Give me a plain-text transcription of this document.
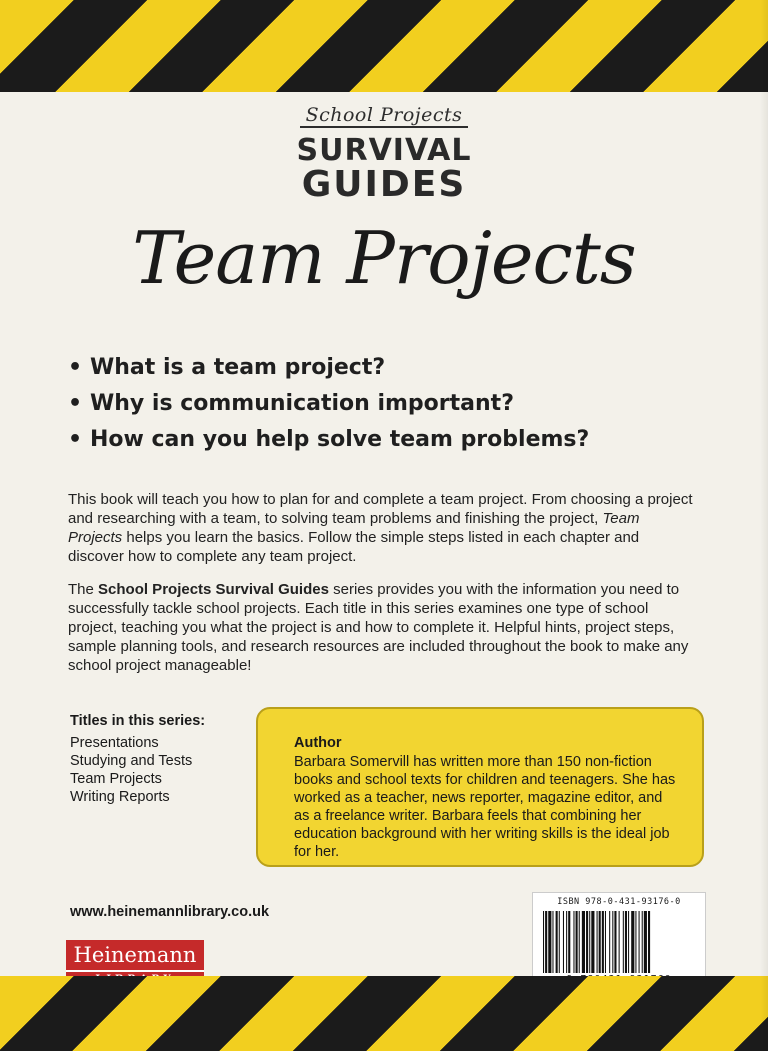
School Projects
SURVIVAL
GUIDES
Team Projects
• What is a team project?
• Why is communication important?
• How can you help solve team problems?

This book will teach you how to plan for and complete a team project. From choosing a project and researching with a team, to solving team problems and finishing the project, Team Projects helps you learn the basics. Follow the simple steps listed in each chapter and discover how to complete any team project.

The School Projects Survival Guides series provides you with the information you need to successfully tackle school projects. Each title in this series examines one type of school project, teaching you what the project is and how to complete it. Helpful hints, project steps, sample planning tools, and research resources are included throughout the book to make any school project manageable!

Titles in this series:
Presentations
Studying and Tests
Team Projects
Writing Reports
Author

Barbara Somervill has written more than 150 non-fiction books and school texts for children and teenagers. She has worked as a teacher, news reporter, magazine editor, and as a freelance writer. Barbara feels that combining her education background with her writing skills is the ideal job for her.

www.heinemannlibrary.co.uk
Heinemann
ISBN 978-0-431-93176-0
